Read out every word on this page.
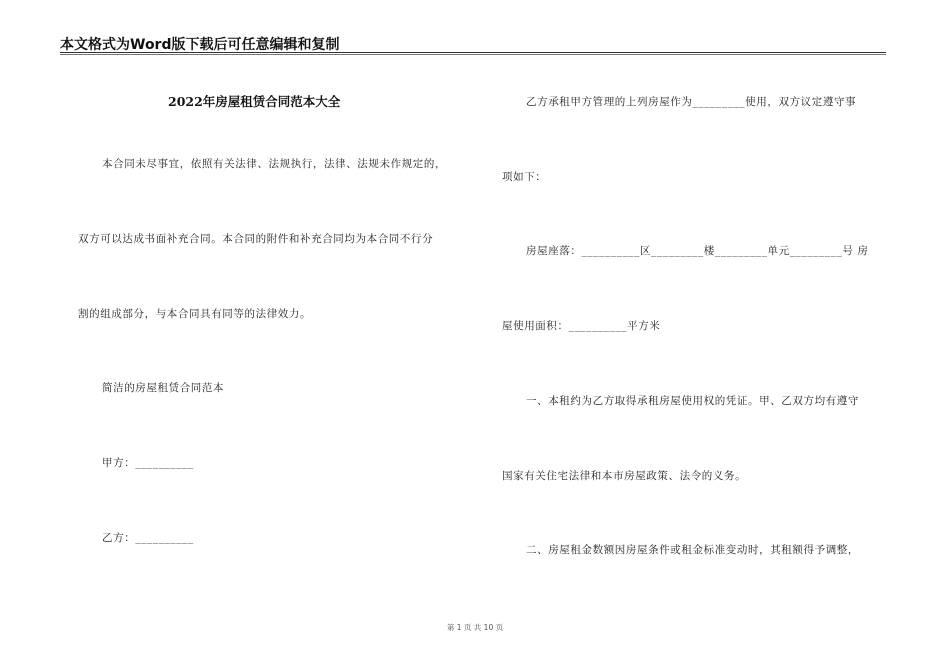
本文格式为Word版下载后可任意编辑和复制
2022年房屋租赁合同范本大全
本合同未尽事宜，依照有关法律、法规执行，法律、法规未作规定的，
双方可以达成书面补充合同。本合同的附件和补充合同均为本合同不行分
割的组成部分，与本合同具有同等的法律效力。
简洁的房屋租赁合同范本
甲方：__________
乙方：__________
乙方承租甲方管理的上列房屋作为_________使用，双方议定遵守事
项如下：
房屋座落：__________区_________楼_________单元_________号 房
屋使用面积：__________平方米
一、本租约为乙方取得承租房屋使用权的凭证。甲、乙双方均有遵守
国家有关住宅法律和本市房屋政策、法令的义务。
二、房屋租金数额因房屋条件或租金标准变动时，其租额得予调整，
第 1 页 共 10 页
